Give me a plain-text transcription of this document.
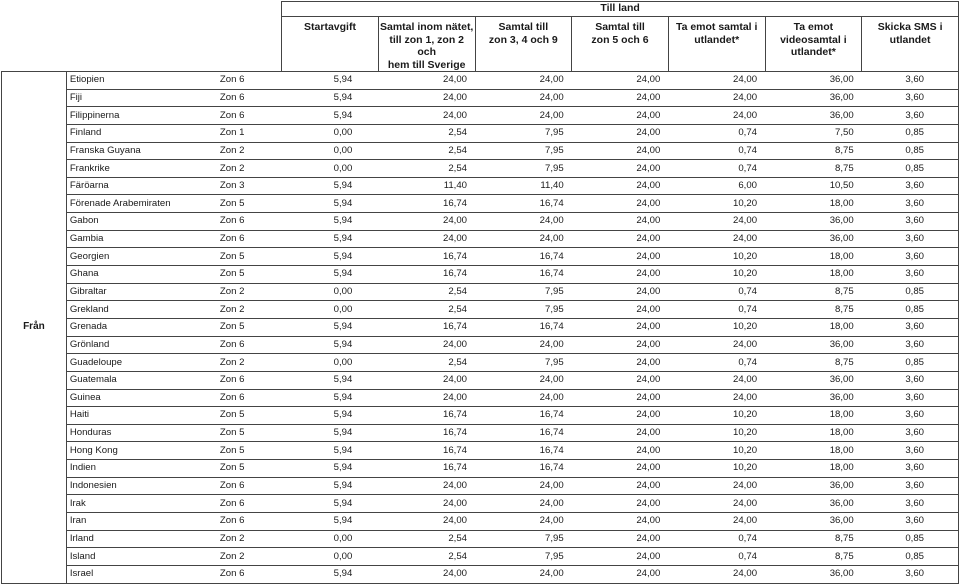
			Till land						
			Startavgift	Samtal inom nätet,
till zon 1, zon 2 och
hem till Sverige	Samtal till
zon 3, 4 och 9	Samtal till
zon 5 och 6	Ta emot samtal i
utlandet*	Ta emot videosamtal i
utlandet*	Skicka SMS i
utlandet
Från	Etiopien	Zon 6	5,94	24,00	24,00	24,00	24,00	36,00	3,60
	Fiji	Zon 6	5,94	24,00	24,00	24,00	24,00	36,00	3,60
	Filippinerna	Zon 6	5,94	24,00	24,00	24,00	24,00	36,00	3,60
	Finland	Zon 1	0,00	2,54	7,95	24,00	0,74	7,50	0,85
	Franska Guyana	Zon 2	0,00	2,54	7,95	24,00	0,74	8,75	0,85
	Frankrike	Zon 2	0,00	2,54	7,95	24,00	0,74	8,75	0,85
	Färöarna	Zon 3	5,94	11,40	11,40	24,00	6,00	10,50	3,60
	Förenade Arabemiraten	Zon 5	5,94	16,74	16,74	24,00	10,20	18,00	3,60
	Gabon	Zon 6	5,94	24,00	24,00	24,00	24,00	36,00	3,60
	Gambia	Zon 6	5,94	24,00	24,00	24,00	24,00	36,00	3,60
	Georgien	Zon 5	5,94	16,74	16,74	24,00	10,20	18,00	3,60
	Ghana	Zon 5	5,94	16,74	16,74	24,00	10,20	18,00	3,60
	Gibraltar	Zon 2	0,00	2,54	7,95	24,00	0,74	8,75	0,85
	Grekland	Zon 2	0,00	2,54	7,95	24,00	0,74	8,75	0,85
	Grenada	Zon 5	5,94	16,74	16,74	24,00	10,20	18,00	3,60
	Grönland	Zon 6	5,94	24,00	24,00	24,00	24,00	36,00	3,60
	Guadeloupe	Zon 2	0,00	2,54	7,95	24,00	0,74	8,75	0,85
	Guatemala	Zon 6	5,94	24,00	24,00	24,00	24,00	36,00	3,60
	Guinea	Zon 6	5,94	24,00	24,00	24,00	24,00	36,00	3,60
	Haiti	Zon 5	5,94	16,74	16,74	24,00	10,20	18,00	3,60
	Honduras	Zon 5	5,94	16,74	16,74	24,00	10,20	18,00	3,60
	Hong Kong	Zon 5	5,94	16,74	16,74	24,00	10,20	18,00	3,60
	Indien	Zon 5	5,94	16,74	16,74	24,00	10,20	18,00	3,60
	Indonesien	Zon 6	5,94	24,00	24,00	24,00	24,00	36,00	3,60
	Irak	Zon 6	5,94	24,00	24,00	24,00	24,00	36,00	3,60
	Iran	Zon 6	5,94	24,00	24,00	24,00	24,00	36,00	3,60
	Irland	Zon 2	0,00	2,54	7,95	24,00	0,74	8,75	0,85
	Island	Zon 2	0,00	2,54	7,95	24,00	0,74	8,75	0,85
	Israel	Zon 6	5,94	24,00	24,00	24,00	24,00	36,00	3,60
